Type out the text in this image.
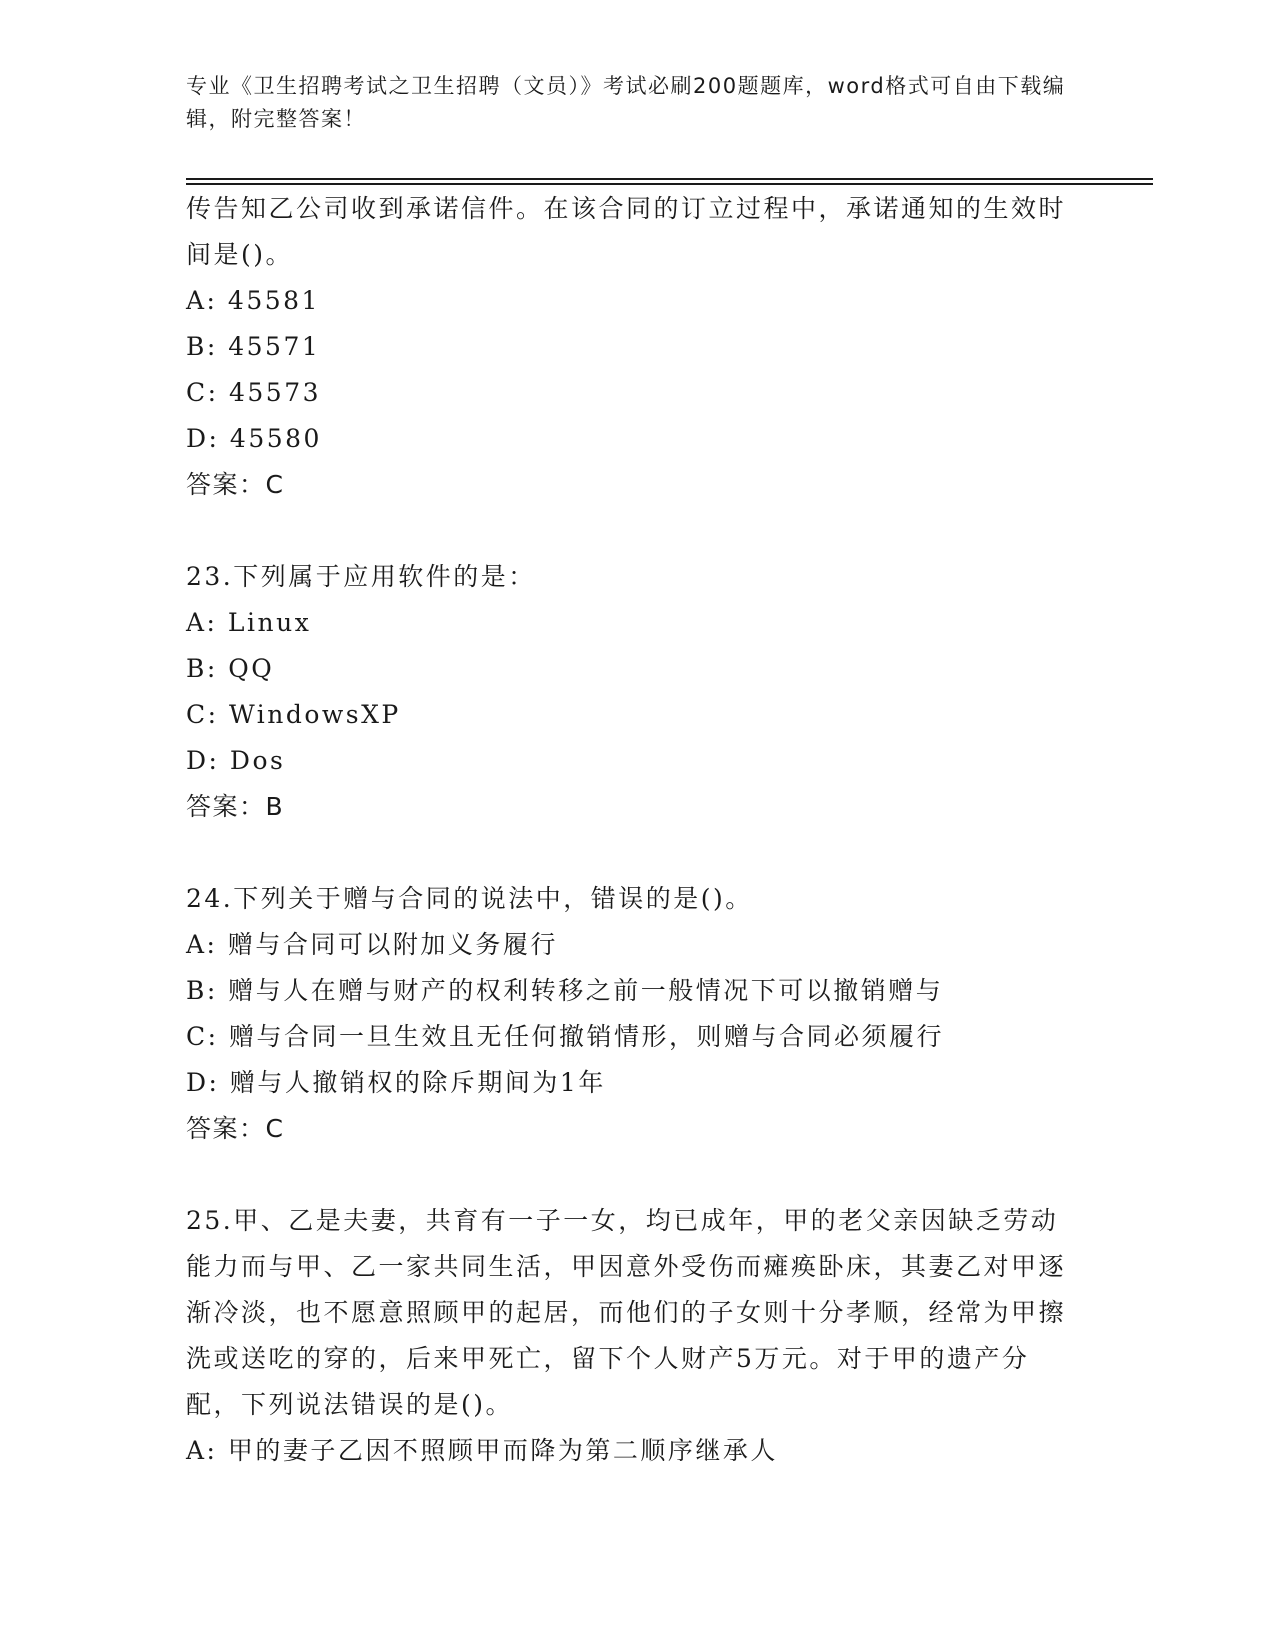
专业《卫生招聘考试之卫生招聘（文员）》考试必刷200题题库，word格式可自由下载编辑，附完整答案！
传告知乙公司收到承诺信件。在该合同的订立过程中，承诺通知的生效时间是()。
A: 45581
B: 45571
C: 45573
D: 45580
答案：C
23.下列属于应用软件的是：
A: Linux
B: QQ
C: WindowsXP
D: Dos
答案：B
24.下列关于赠与合同的说法中，错误的是()。
A: 赠与合同可以附加义务履行
B: 赠与人在赠与财产的权利转移之前一般情况下可以撤销赠与
C: 赠与合同一旦生效且无任何撤销情形，则赠与合同必须履行
D: 赠与人撤销权的除斥期间为1年
答案：C
25.甲、乙是夫妻，共育有一子一女，均已成年，甲的老父亲因缺乏劳动能力而与甲、乙一家共同生活，甲因意外受伤而瘫痪卧床，其妻乙对甲逐渐冷淡，也不愿意照顾甲的起居，而他们的子女则十分孝顺，经常为甲擦洗或送吃的穿的，后来甲死亡，留下个人财产5万元。对于甲的遗产分配，下列说法错误的是()。
A: 甲的妻子乙因不照顾甲而降为第二顺序继承人
